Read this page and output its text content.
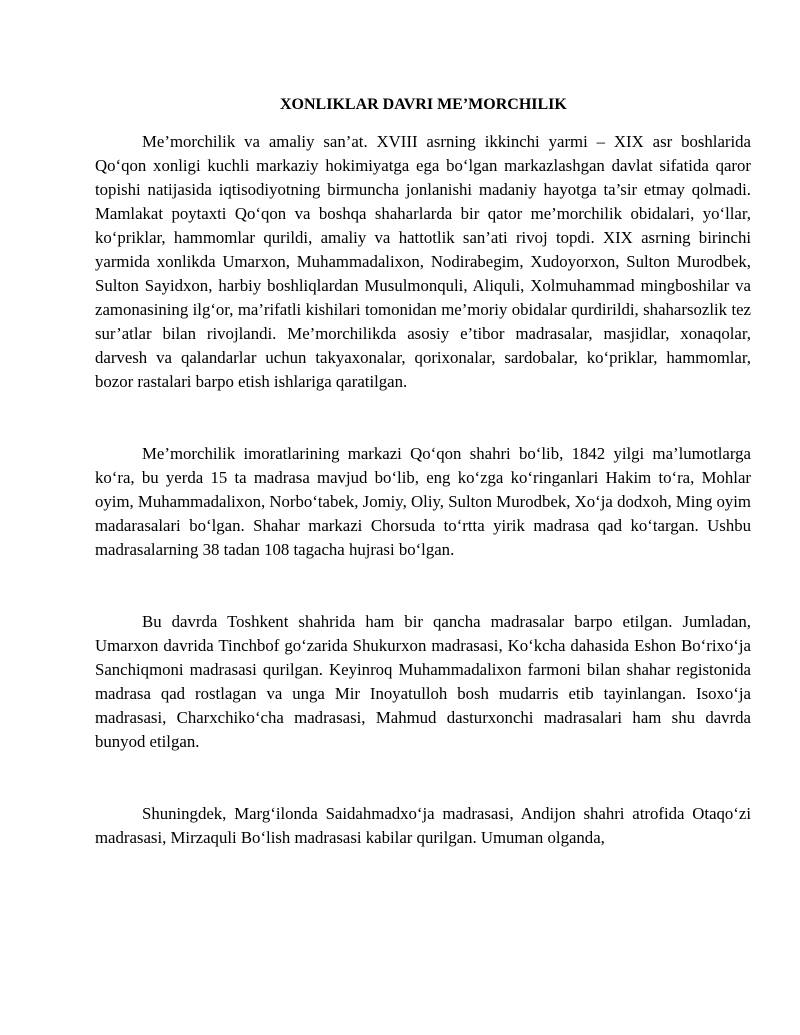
XONLIKLAR DAVRI ME’MORCHILIK

Me’morchilik va amaliy san’at. XVIII asrning ikkinchi yarmi – XIX asr boshlarida Qo‘qon xonligi kuchli markaziy hokimiyatga ega bo‘lgan markazlashgan davlat sifatida qaror topishi natijasida iqtisodiyotning birmuncha jonlanishi madaniy hayotga ta’sir etmay qolmadi. Mamlakat poytaxti Qo‘qon va boshqa shaharlarda bir qator me’morchilik obidalari, yo‘llar, ko‘priklar, hammomlar qurildi, amaliy va hattotlik san’ati rivoj topdi. XIX asrning birinchi yarmida xonlikda Umarxon, Muhammadalixon, Nodirabegim, Xudoyorxon, Sulton Murodbek, Sulton Sayidxon, harbiy boshliqlardan Musulmonquli, Aliquli, Xolmuhammad mingboshilar va zamonasining ilg‘or, ma’rifatli kishilari tomonidan me’moriy obidalar qurdirildi, shaharsozlik tez sur’atlar bilan rivojlandi. Me’morchilikda asosiy e’tibor madrasalar, masjidlar, xonaqolar, darvesh va qalandarlar uchun takyaxonalar, qorixonalar, sardobalar, ko‘priklar, hammomlar, bozor rastalari barpo etish ishlariga qaratilgan.

Me’morchilik imoratlarining markazi Qo‘qon shahri bo‘lib, 1842 yilgi ma’lumotlarga ko‘ra, bu yerda 15 ta madrasa mavjud bo‘lib, eng ko‘zga ko‘ringanlari Hakim to‘ra, Mohlar oyim, Muhammadalixon, Norbo‘tabek, Jomiy, Oliy, Sulton Murodbek, Xo‘ja dodxoh, Ming oyim madarasalari bo‘lgan. Shahar markazi Chorsuda to‘rtta yirik madrasa qad ko‘targan. Ushbu madrasalarning 38 tadan 108 tagacha hujrasi bo‘lgan.

Bu davrda Toshkent shahrida ham bir qancha madrasalar barpo etilgan. Jumladan, Umarxon davrida Tinchbof go‘zarida Shukurxon madrasasi, Ko‘kcha dahasida Eshon Bo‘rixo‘ja Sanchiqmoni madrasasi qurilgan. Keyinroq Muhammadalixon farmoni bilan shahar registonida madrasa qad rostlagan va unga Mir Inoyatulloh bosh mudarris etib tayinlangan. Isoxo‘ja madrasasi, Charxchiko‘cha madrasasi, Mahmud dasturxonchi madrasalari ham shu davrda bunyod etilgan.

Shuningdek, Marg‘ilonda Saidahmadxo‘ja madrasasi, Andijon shahri atrofida Otaqo‘zi madrasasi, Mirzaquli Bo‘lish madrasasi kabilar qurilgan. Umuman olganda,
